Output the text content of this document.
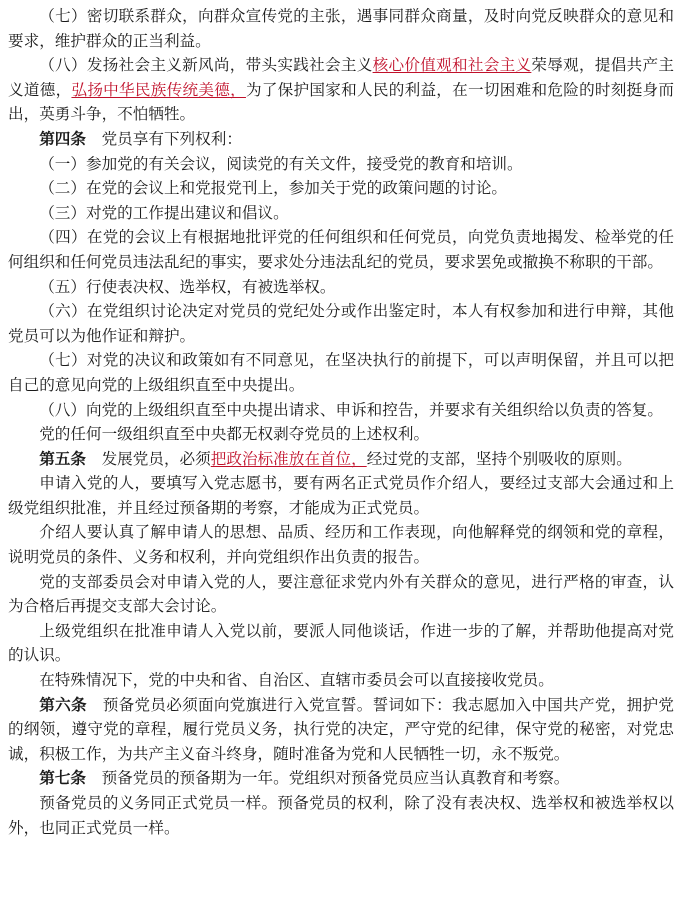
（七）密切联系群众，向群众宣传党的主张，遇事同群众商量，及时向党反映群众的意见和要求，维护群众的正当利益。

（八）发扬社会主义新风尚，带头实践社会主义核心价值观和社会主义荣辱观，提倡共产主义道德，弘扬中华民族传统美德，为了保护国家和人民的利益，在一切困难和危险的时刻挺身而出，英勇斗争，不怕牺牲。

第四条　党员享有下列权利：

（一）参加党的有关会议，阅读党的有关文件，接受党的教育和培训。

（二）在党的会议上和党报党刊上，参加关于党的政策问题的讨论。

（三）对党的工作提出建议和倡议。

（四）在党的会议上有根据地批评党的任何组织和任何党员，向党负责地揭发、检举党的任何组织和任何党员违法乱纪的事实，要求处分违法乱纪的党员，要求罢免或撤换不称职的干部。

（五）行使表决权、选举权，有被选举权。

（六）在党组织讨论决定对党员的党纪处分或作出鉴定时，本人有权参加和进行申辩，其他党员可以为他作证和辩护。

（七）对党的决议和政策如有不同意见，在坚决执行的前提下，可以声明保留，并且可以把自己的意见向党的上级组织直至中央提出。

（八）向党的上级组织直至中央提出请求、申诉和控告，并要求有关组织给以负责的答复。

党的任何一级组织直至中央都无权剥夺党员的上述权利。

第五条　发展党员，必须把政治标准放在首位，经过党的支部，坚持个别吸收的原则。

申请入党的人，要填写入党志愿书，要有两名正式党员作介绍人，要经过支部大会通过和上级党组织批准，并且经过预备期的考察，才能成为正式党员。

介绍人要认真了解申请人的思想、品质、经历和工作表现，向他解释党的纲领和党的章程，说明党员的条件、义务和权利，并向党组织作出负责的报告。

党的支部委员会对申请入党的人，要注意征求党内外有关群众的意见，进行严格的审查，认为合格后再提交支部大会讨论。

上级党组织在批准申请人入党以前，要派人同他谈话，作进一步的了解，并帮助他提高对党的认识。

在特殊情况下，党的中央和省、自治区、直辖市委员会可以直接接收党员。

第六条　预备党员必须面向党旗进行入党宣誓。誓词如下：我志愿加入中国共产党，拥护党的纲领，遵守党的章程，履行党员义务，执行党的决定，严守党的纪律，保守党的秘密，对党忠诚，积极工作，为共产主义奋斗终身，随时准备为党和人民牺牲一切，永不叛党。

第七条　预备党员的预备期为一年。党组织对预备党员应当认真教育和考察。

预备党员的义务同正式党员一样。预备党员的权利，除了没有表决权、选举权和被选举权以外，也同正式党员一样。
